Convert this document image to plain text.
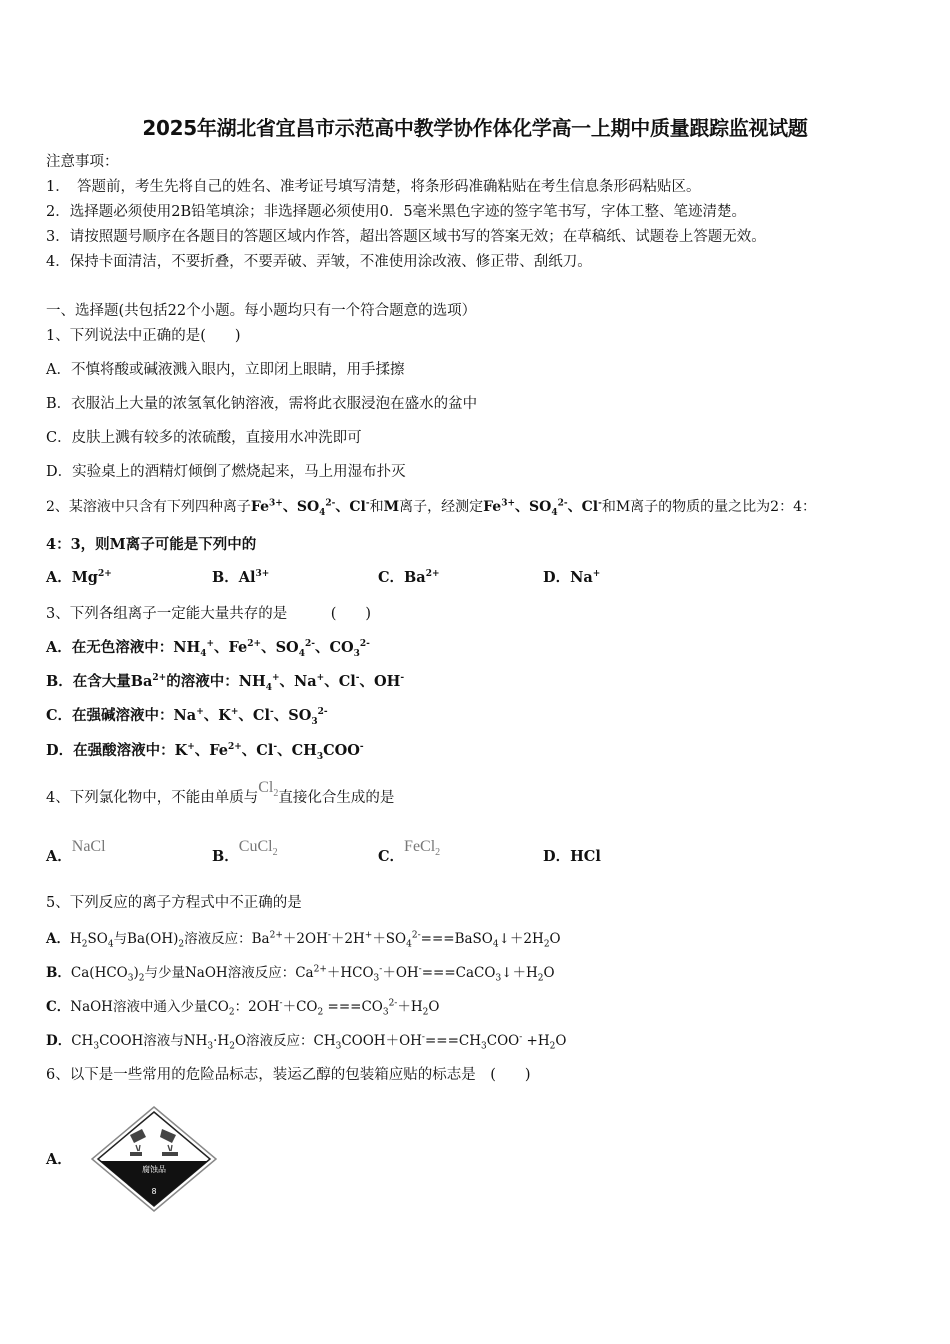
2025年湖北省宜昌市示范高中教学协作体化学高一上期中质量跟踪监视试题
注意事项：
1．　答题前，考生先将自己的姓名、准考证号填写清楚，将条形码准确粘贴在考生信息条形码粘贴区。
2．选择题必须使用2B铅笔填涂；非选择题必须使用0．5毫米黑色字迹的签字笔书写，字体工整、笔迹清楚。
3．请按照题号顺序在各题目的答题区域内作答，超出答题区域书写的答案无效；在草稿纸、试题卷上答题无效。
4．保持卡面清洁，不要折叠，不要弄破、弄皱，不准使用涂改液、修正带、刮纸刀。
一、选择题(共包括22个小题。每小题均只有一个符合题意的选项）
1、下列说法中正确的是(　　)
A．不慎将酸或碱液溅入眼内，立即闭上眼睛，用手揉擦
B．衣服沾上大量的浓氢氧化钠溶液，需将此衣服浸泡在盛水的盆中
C．皮肤上溅有较多的浓硫酸，直接用水冲洗即可
D．实验桌上的酒精灯倾倒了燃烧起来，马上用湿布扑灭
2、某溶液中只含有下列四种离子$Fe^{3+}$、$SO_4^{2-}$、Cl-和M离子，经测定$Fe^{3+}$、$SO_4^{2-}$、Cl-和M离子的物质的量之比为2：4：
4：3，则M离子可能是下列中的
A．$Mg^{2+}$	B．$Al^{3+}$	C．$Ba^{2+}$	D．Na+
3、下列各组离子一定能大量共存的是　　　(　　)
A．在无色溶液中：$NH_4^+$、$Fe^{2+}$、$SO_4^{2-}$、$CO_3^{2-}$
B．在含大量$Ba^{2+}$的溶液中：$NH_4^+$、Na+、Cl-、OH-
C．在强碱溶液中：Na+、K+、Cl-、$SO_3^{2-}$
D．在强酸溶液中：K+、$Fe^{2+}$、Cl-、$CH_3COO^-$
4、下列氯化物中，不能由单质与$Cl_2$直接化合生成的是
A．NaCl
B．CuCl$_2$	C．FeCl$_2$	D．HCl
5、下列反应的离子方程式中不正确的是
A．$H_2SO_4$与$Ba(OH)_2$溶液反应：$Ba^{2+}+2OH^-+2H^++SO_4^{2-}===BaSO_4↓+2H_2O$
B．$Ca(HCO_3)_2$与少量NaOH溶液反应：$Ca^{2+}+HCO_3^-+OH^-===CaCO_3↓+H_2O$
C．NaOH溶液中通入少量$CO_2$：$2OH^-+CO_2 ===CO_3^{2-}+H_2O$
D．$CH_3COOH$溶液与$NH_3\cdot H_2O$溶液反应：$CH_3COOH+OH^-===CH_3COO^- +H_2O$
6、以下是一些常用的危险品标志，装运乙醇的包装箱应贴的标志是　(　　)
A．
腐蚀品
8
